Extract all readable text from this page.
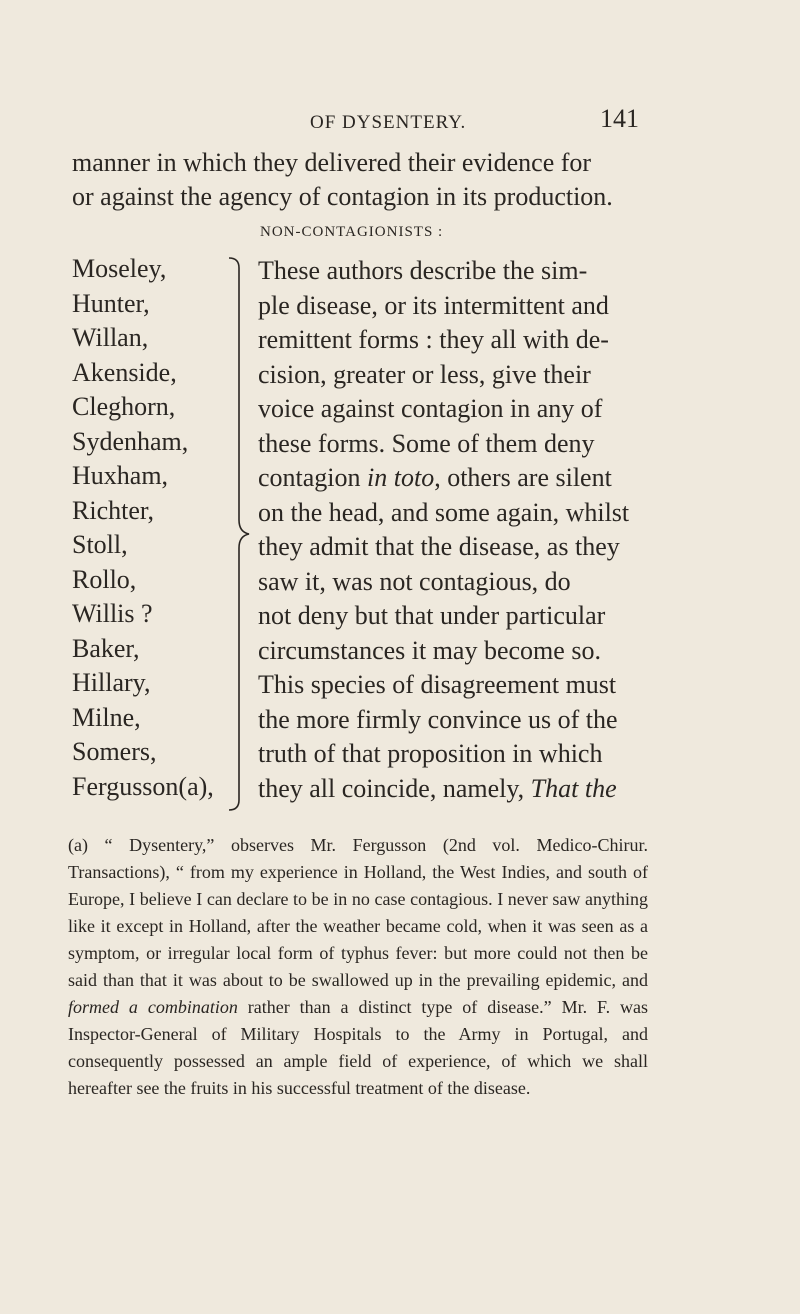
OF DYSENTERY.	141

manner in which they delivered their evidence for

or against the agency of contagion in its production.

NON-CONTAGIONISTS :
Moseley,
Hunter,
Willan,
Akenside,
Cleghorn,
Sydenham,
Huxham,
Richter,
Stoll,
Rollo,
Willis ?
Baker,
Hillary,
Milne,
Somers,
Fergusson(a),
These authors describe the sim-
ple disease, or its intermittent and
remittent forms : they all with de-
cision, greater or less, give their
voice against contagion in any of
these forms. Some of them deny
contagion in toto, others are silent
on the head, and some again, whilst
they admit that the disease, as they
saw it, was not contagious, do
not deny but that under particular
circumstances it may become so.
This species of disagreement must
the more firmly convince us of the
truth of that proposition in which
they all coincide, namely, That the

(a) “ Dysentery,” observes Mr. Fergusson (2nd vol. Medico-Chirur. Transactions), “ from my experience in Holland, the West Indies, and south of Europe, I believe I can declare to be in no case contagious. I never saw anything like it except in Holland, after the weather became cold, when it was seen as a symptom, or irregular local form of typhus fever: but more could not then be said than that it was about to be swallowed up in the prevailing epidemic, and formed a combination rather than a distinct type of disease.” Mr. F. was Inspector-General of Military Hospitals to the Army in Portugal, and consequently possessed an ample field of experience, of which we shall hereafter see the fruits in his successful treatment of the disease.
